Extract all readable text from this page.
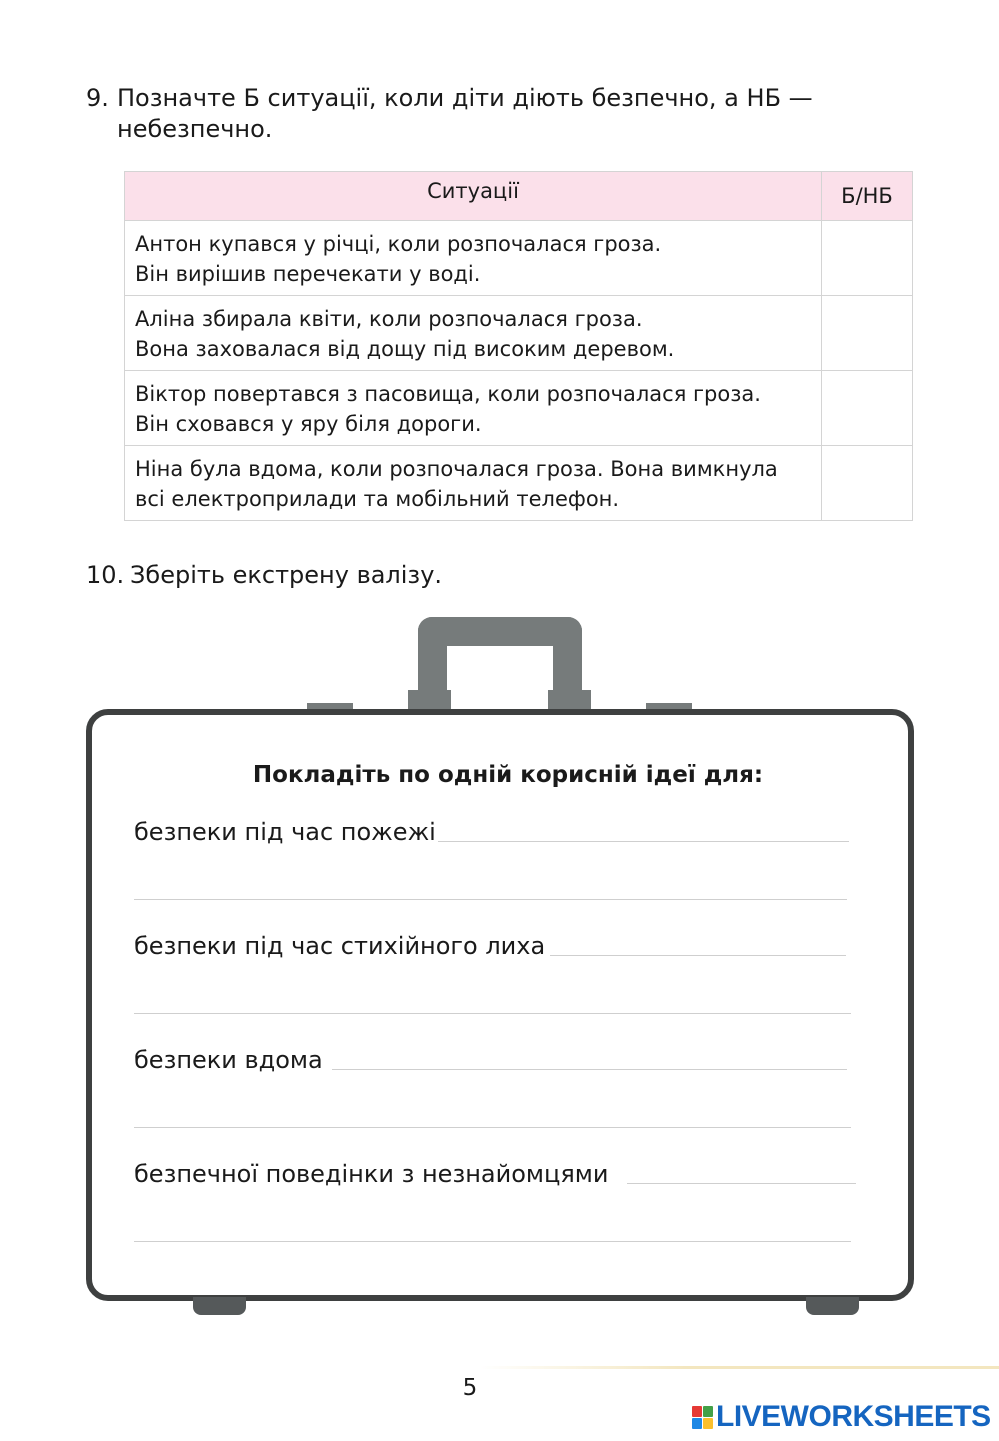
9. Позначте Б ситуації, коли діти діють безпечно, а НБ —
небезпечно.
Ситуації	Б/НБ

Антон купався у річці, коли розпочалася гроза.
Він вирішив перечекати у воді.

Аліна збирала квіти, коли розпочалася гроза.
Вона заховалася від дощу під високим деревом.

Віктор повертався з пасовища, коли розпочалася гроза.
Він сховався у яру біля дороги.

Ніна була вдома, коли розпочалася гроза. Вона вимкнула
всі електроприлади та мобільний телефон.

10. Зберіть екстрену валізу.
Покладіть по одній корисній ідеї для:
безпеки під час пожежі
безпеки під час стихійного лиха
безпеки вдома
безпечної поведінки з незнайомцями
5
LIVEWORKSHEETS
